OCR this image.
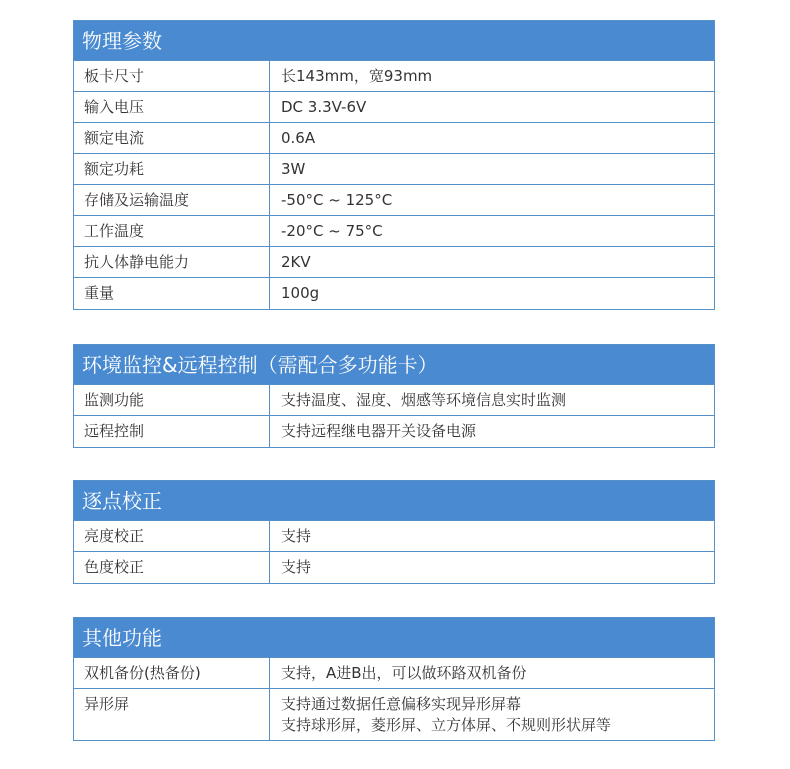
物理参数
板卡尺寸	长143mm，宽93mm
输入电压	DC 3.3V-6V
额定电流	0.6A
额定功耗	3W
存储及运输温度	-50°C ~ 125°C
工作温度	-20°C ~ 75°C
抗人体静电能力	2KV
重量	100g
环境监控&远程控制（需配合多功能卡）
监测功能	支持温度、湿度、烟感等环境信息实时监测
远程控制	支持远程继电器开关设备电源
逐点校正
亮度校正	支持
色度校正	支持
其他功能
双机备份(热备份)	支持，A进B出，可以做环路双机备份
异形屏	支持通过数据任意偏移实现异形屏幕
支持球形屏，菱形屏、立方体屏、不规则形状屏等
